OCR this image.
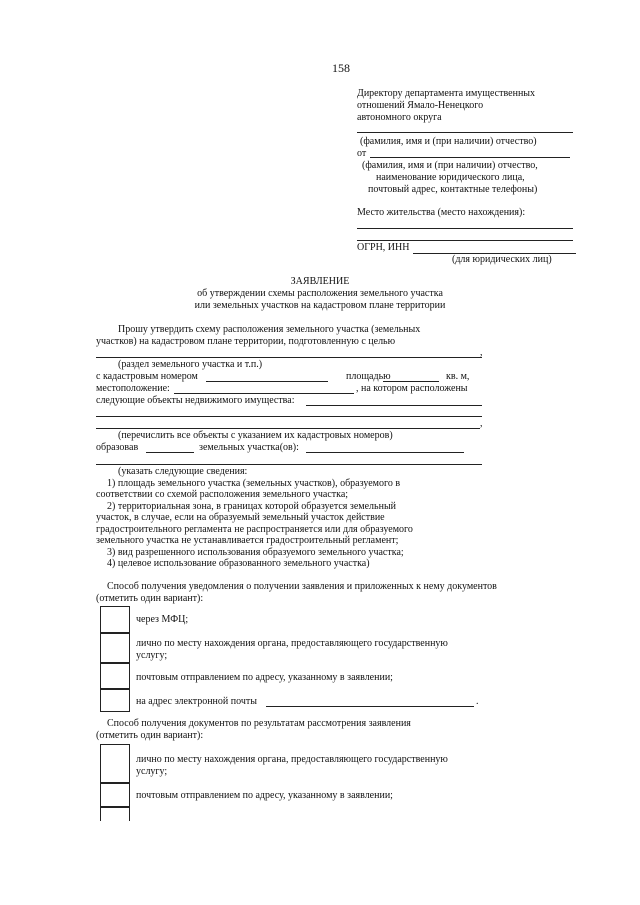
158
Директору департамента имущественных
отношений Ямало-Ненецкого
автономного округа
(фамилия, имя и (при наличии) отчество)
от
(фамилия, имя и (при наличии) отчество,
наименование юридического лица,
почтовый адрес, контактные телефоны)
Место жительства (место нахождения):
ОГРН, ИНН
(для юридических лиц)
ЗАЯВЛЕНИЕ
об утверждении схемы расположения земельного участка
или земельных участков на кадастровом плане территории
Прошу утвердить схему расположения земельного участка (земельных
участков) на кадастровом плане территории, подготовленную с целью
,
(раздел земельного участка и т.п.)
с кадастровым номером	площадью	кв. м,
местоположение:	, на котором расположены
следующие объекты недвижимого имущества:
,
(перечислить все объекты с указанием их кадастровых номеров)
образовав	земельных участка(ов):
(указать следующие сведения:
1) площадь земельного участка (земельных участков), образуемого в
соответствии со схемой расположения земельного участка;
2) территориальная зона, в границах которой образуется земельный
участок, в случае, если на образуемый земельный участок действие
градостроительного регламента не распространяется или для образуемого
земельного участка не устанавливается градостроительный регламент;
3) вид разрешенного использования образуемого земельного участка;
4) целевое использование образованного земельного участка)
Способ получения уведомления о получении заявления и приложенных к нему документов
(отметить один вариант):
через МФЦ;
лично по месту нахождения органа, предоставляющего государственную
услугу;
почтовым отправлением по адресу, указанному в заявлении;
на адрес электронной почты	.
Способ получения документов по результатам рассмотрения заявления
(отметить один вариант):
лично по месту нахождения органа, предоставляющего государственную
услугу;
почтовым отправлением по адресу, указанному в заявлении;
